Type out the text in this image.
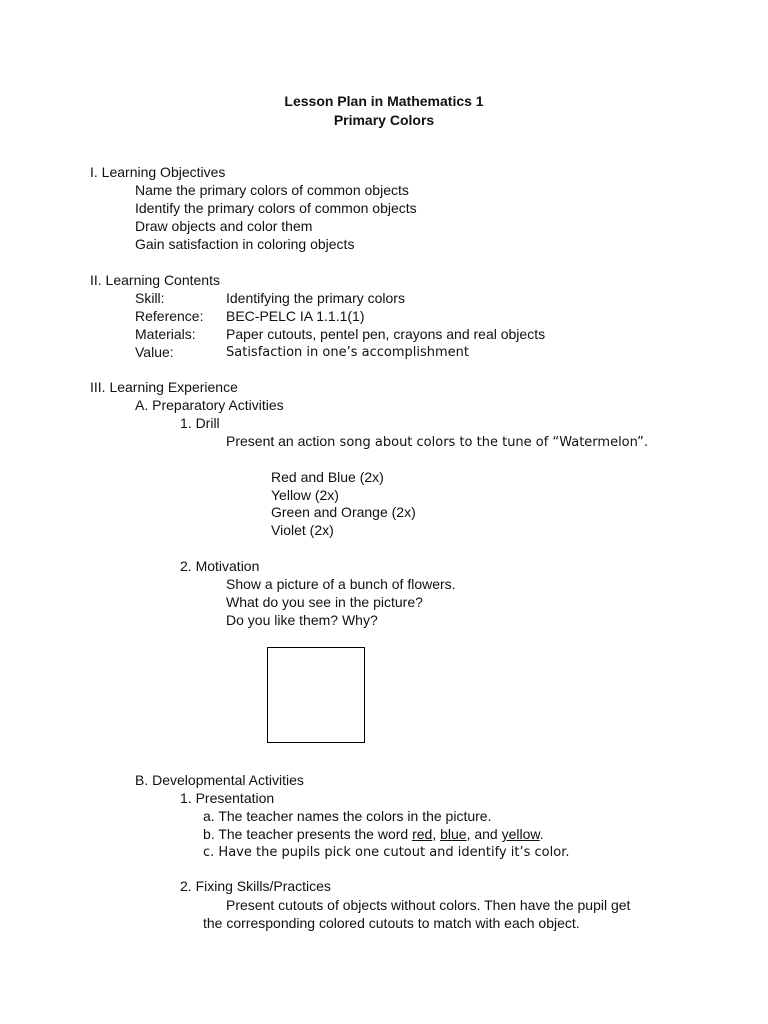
Lesson Plan in Mathematics 1
Primary Colors
I. Learning Objectives
Name the primary colors of common objects
Identify the primary colors of common objects
Draw objects and color them
Gain satisfaction in coloring objects
II. Learning Contents
Skill:	Identifying the primary colors
Reference: BEC-PELC IA 1.1.1(1)
Materials: Paper cutouts, pentel pen, crayons and real objects
Value:	Satisfaction in one’s accomplishment
III. Learning Experience
A. Preparatory Activities
1. Drill
Present an action song about colors to the tune of “Watermelon”.
Red and Blue (2x)
Yellow (2x)
Green and Orange (2x)
Violet (2x)
2. Motivation
Show a picture of a bunch of flowers.
What do you see in the picture?
Do you like them? Why?
B. Developmental Activities
1. Presentation
a. The teacher names the colors in the picture.
b. The teacher presents the word red, blue, and yellow.
c. Have the pupils pick one cutout and identify it’s color.
2. Fixing Skills/Practices
Present cutouts of objects without colors. Then have the pupil get
the corresponding colored cutouts to match with each object.
